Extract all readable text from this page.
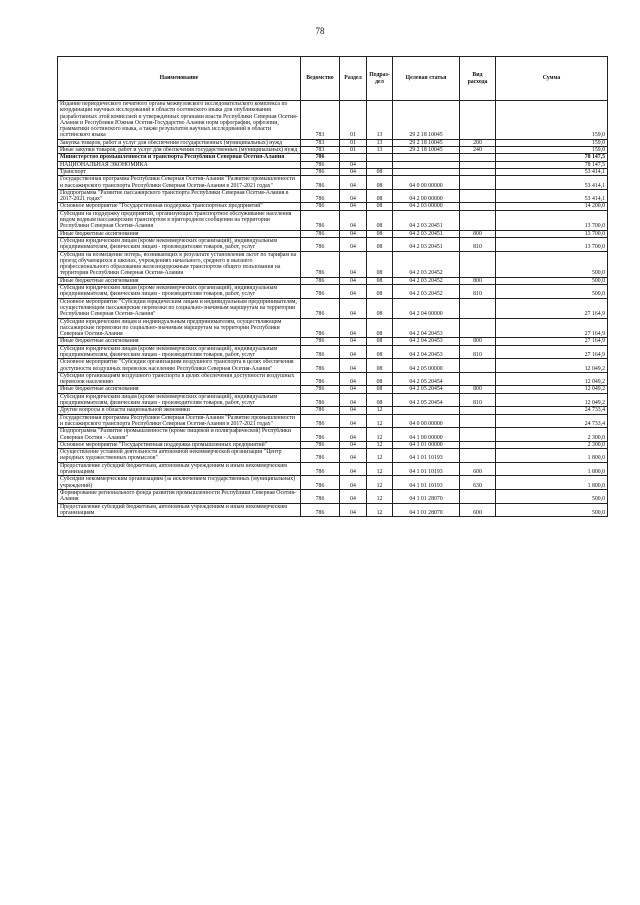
78
Наименование	Ведомство	Раздел	Подраз-дел	Целевая статья	Вид расхода	Сумма
Издание периодического печатного органа межвузовского исследовательского комплекса по координации научных исследований в области осетинского языка для опубликования разработанных этой комиссией и утвержденных органами власти Республики Северная Осетия-Алания и Республики Южная Осетия-Государство Алания норм орфографии, орфоэпии, грамматики осетинского языка, а также результатов научных исследований в области осетинского языка	783	01	13	29 2 18 10045		159,0
Закупка товаров, работ и услуг для обеспечения государственных (муниципальных) нужд	783	01	13	29 2 18 10045	200	159,0
Иные закупки товаров, работ и услуг для обеспечения государственных (муниципальных) нужд	783	01	13	29 2 18 10045	240	159,0
Министерство промышленности и транспорта Республики Северная Осетия-Алания	786					78 147,5
НАЦИОНАЛЬНАЯ ЭКОНОМИКА	786	04				78 147,5
Транспорт	786	04	08			53 414,1
Государственная программа Республики Северная Осетия-Алания "Развитие промышленности и пассажирского транспорта Республики Северная Осетия-Алания в 2017-2021 годах"	786	04	08	04 0 00 00000		53 414,1
Подпрограмма "Развитие пассажирского транспорта Республики Северная Осетия-Алания в 2017-2021 годах"	786	04	08	04 2 00 00000		53 414,1
Основное мероприятие "Государственная поддержка транспортных предприятий"	786	04	08	04 2 03 00000		14 200,0
Субсидии на поддержку предприятий, организующих транспортное обслуживание населения видом водным пассажирским транспортом в пригородном сообщении на территории Республики Северная Осетия-Алания	786	04	08	04 2 03 20451		13 700,0
Иные бюджетные ассигнования	786	04	08	04 2 03 20451	800	13 700,0
Субсидии юридическим лицам (кроме некоммерческих организаций), индивидуальным предпринимателям, физическим лицам - производителям товаров, работ, услуг	786	04	08	04 2 03 20451	810	13 700,0
Субсидии на возмещение потерь, возникающих в результате установления льгот по тарифам на проезд обучающихся в школах, учреждениях начального, среднего и высшего профессионального образования железнодорожным транспортом общего пользования на территории Республики Северная Осетия-Алания	786	04	08	04 2 03 20452		500,0
Иные бюджетные ассигнования	786	04	08	04 2 03 20452	800	500,0
Субсидии юридическим лицам (кроме некоммерческих организаций), индивидуальным предпринимателям, физическим лицам - производителям товаров, работ, услуг	786	04	08	04 2 03 20452	810	500,0
Основное мероприятие "Субсидии юридическим лицам и индивидуальным предпринимателям, осуществляющим пассажирские перевозки по социально-значимым маршрутам на территории Республики Северная Осетия-Алания"	786	04	08	04 2 04 00000		27 164,9
Субсидии юридическим лицам и индивидуальным предпринимателям, осуществляющим пассажирские перевозки по социально-значимым маршрутам на территории Республики Северная Осетия-Алания	786	04	08	04 2 04 20453		27 164,9
Иные бюджетные ассигнования	786	04	08	04 2 04 20453	800	27 164,9
Субсидии юридическим лицам (кроме некоммерческих организаций), индивидуальным предпринимателям, физическим лицам - производителям товаров, работ, услуг	786	04	08	04 2 04 20453	810	27 164,9
Основное мероприятие "Субсидии организациям воздушного транспорта в целях обеспечения доступности воздушных перевозок населению Республики Северная Осетия-Алания"	786	04	08	04 2 05 00000		12 049,2
Субсидии организациям воздушного транспорта в целях обеспечения доступности воздушных перевозок населению	786	04	08	04 2 05 20454		12 049,2
Иные бюджетные ассигнования	786	04	08	04 2 05 20454	800	12 049,2
Субсидии юридическим лицам (кроме некоммерческих организаций), индивидуальным предпринимателям, физическим лицам - производителям товаров, работ, услуг	786	04	08	04 2 05 20454	810	12 049,2
Другие вопросы в области национальной экономики	786	04	12			24 733,4
Государственная программа Республики Северная Осетия-Алания "Развитие промышленности и пассажирского транспорта Республики Северная Осетия-Алания в 2017-2021 годах"	786	04	12	04 0 00 00000		24 733,4
Подпрограмма "Развитие промышленности (кроме пищевой и полиграфической) Республики Северная Осетия - Алания"	786	04	12	04 1 00 00000		2 300,0
Основное мероприятие "Государственная поддержка промышленных предприятий"	786	04	12	04 1 01 00000		2 300,0
Осуществление уставной деятельности автономной некоммерческой организации "Центр народных художественных промыслов"	786	04	12	04 1 01 10193		1 800,0
Предоставление субсидий бюджетным, автономным учреждениям и иным некоммерческим организациям	786	04	12	04 1 01 10193	600	1 800,0
Субсидии некоммерческим организациям (за исключением государственных (муниципальных) учреждений)	786	04	12	04 1 01 10193	630	1 800,0
Формирование регионального фонда развития промышленности Республики Северная Осетия-Алания	786	04	12	04 1 01 28070		500,0
Предоставление субсидий бюджетным, автономным учреждениям и иным некоммерческим организациям	786	04	12	04 1 01 28070	600	500,0
